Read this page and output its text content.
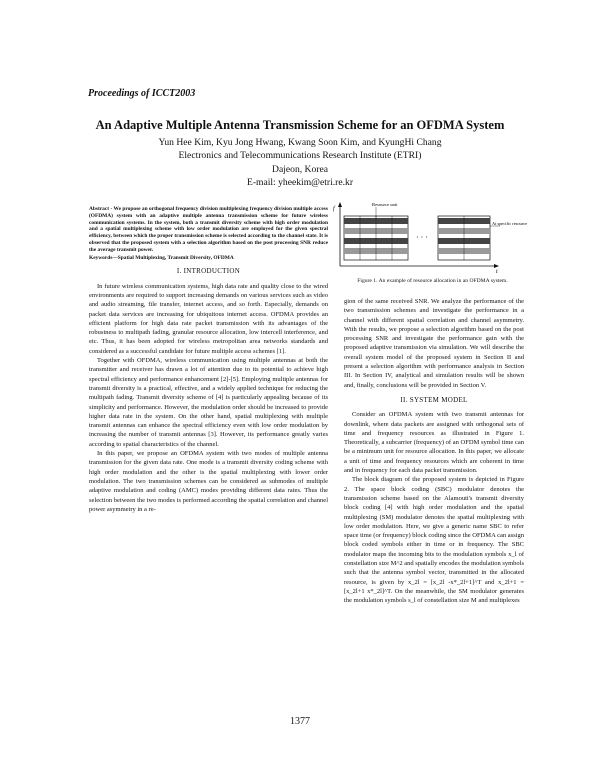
Proceedings of ICCT2003
An Adaptive Multiple Antenna Transmission Scheme for an OFDMA System
Yun Hee Kim, Kyu Jong Hwang, Kwang Soon Kim, and KyungHi Chang
Electronics and Telecommunications Research Institute (ETRI)
Dajeon, Korea
E-mail: yheekim@etri.re.kr
Abstract - We propose an orthogonal frequency division multiplexing frequency division multiple access (OFDMA) system with an adaptive multiple antenna transmission scheme for future wireless communication systems. In the system, both a transmit diversity scheme with high order modulation and a spatial multiplexing scheme with low order modulation are employed for the given spectral efficiency, between which the proper transmission scheme is selected according to the channel state. It is observed that the proposed system with a selection algorithm based on the post processing SNR reduce the average transmit power.
Keywords—Spatial Multiplexing, Transmit Diversity, OFDMA
I. INTRODUCTION

In future wireless communication systems, high data rate and quality close to the wired environments are required to support increasing demands on various services such as video and audio streaming, file transfer, internet access, and so forth. Especially, demands on packet data services are increasing for ubiquitous internet access. OFDMA provides an efficient platform for high data rate packet transmission with its advantages of the robustness to multipath fading, granular resource allocation, low intercell interference, and etc. Thus, it has been adopted for wireless metropolitan area networks standards and considered as a successful candidate for future multiple access schemes [1].

Together with OFDMA, wireless communication using multiple antennas at both the transmitter and receiver has drawn a lot of attention due to its potential to achieve high spectral efficiency and performance enhancement [2]-[5]. Employing multiple antennas for transmit diversity is a practical, effective, and a widely applied technique for reducing the multipath fading. Transmit diversity scheme of [4] is particularly appealing because of its simplicity and performance. However, the modulation order should be increased to provide higher data rate in the system. On the other hand, spatial multiplexing with multiple transmit antennas can enhance the spectral efficiency even with low order modulation by increasing the number of transmit antennas [3]. However, its performance greatly varies according to spatial characteristics of the channel.

In this paper, we propose an OFDMA system with two modes of multiple antenna transmission for the given data rate. One mode is a transmit diversity coding scheme with high order modulation and the other is the spatial multiplexing with lower order modulation. The two transmission schemes can be considered as submodes of multiple adaptive modulation and coding (AMC) modes providing different data rates. Thus the selection between the two modes is performed according the spatial correlation and channel power asymmetry in a re-

f
t
· · ·
Resource unit
At specific resource
Figure 1. An example of resource allocation in an OFDMA system.

gion of the same received SNR. We analyze the performance of the two transmission schemes and investigate the performance in a channel with different spatial correlation and channel asymmetry. With the results, we propose a selection algorithm based on the post processing SNR and investigate the performance gain with the proposed adaptive transmission via simulation. We will describe the overall system model of the proposed system in Section II and present a selection algorithm with performance analysis in Section III. In Section IV, analytical and simulation results will be shown and, finally, conclusions will be provided in Section V.

II. SYSTEM MODEL

Consider an OFDMA system with two transmit antennas for downlink, where data packets are assigned with orthogonal sets of time and frequency resources as illustrated in Figure 1. Theoretically, a subcarrier (frequency) of an OFDM symbol time can be a minimum unit for resource allocation. In this paper, we allocate a unit of time and frequency resources which are coherent in time and in frequency for each data packet transmission.

The block diagram of the proposed system is depicted in Figure 2. The space block coding (SBC) modulator denotes the transmission scheme based on the Alamouti's transmit diversity block coding [4] with high order modulation and the spatial multiplexing (SM) modulator denotes the spatial multiplexing with low order modulation. Here, we give a generic name SBC to refer space time (or frequency) block coding since the OFDMA can assign block coded symbols either in time or in frequency. The SBC modulator maps the incoming bits to the modulation symbols x_l of constellation size M^2 and spatially encodes the modulation symbols such that the antenna symbol vector, transmitted in the allocated resource, is given by x_2l = [x_2l -x*_2l+1]^T and x_2l+1 = [x_2l+1 x*_2l]^T. On the meanwhile, the SM modulator generates the modulation symbols s_l of constellation size M and multiplexes

1377
